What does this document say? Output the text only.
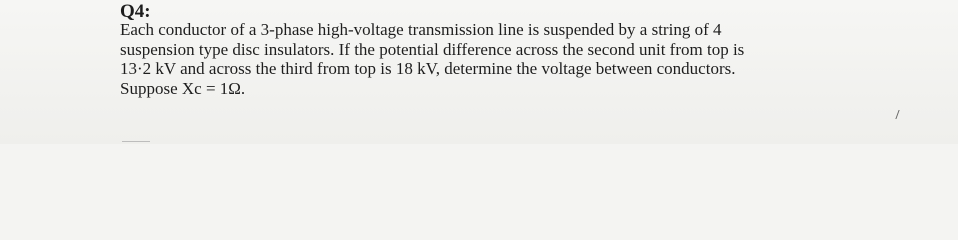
Q4:
Each conductor of a 3-phase high-voltage transmission line is suspended by a string of 4
suspension type disc insulators. If the potential difference across the second unit from top is
13·2 kV and across the third from top is 18 kV, determine the voltage between conductors.
Suppose Xc = 1Ω.
